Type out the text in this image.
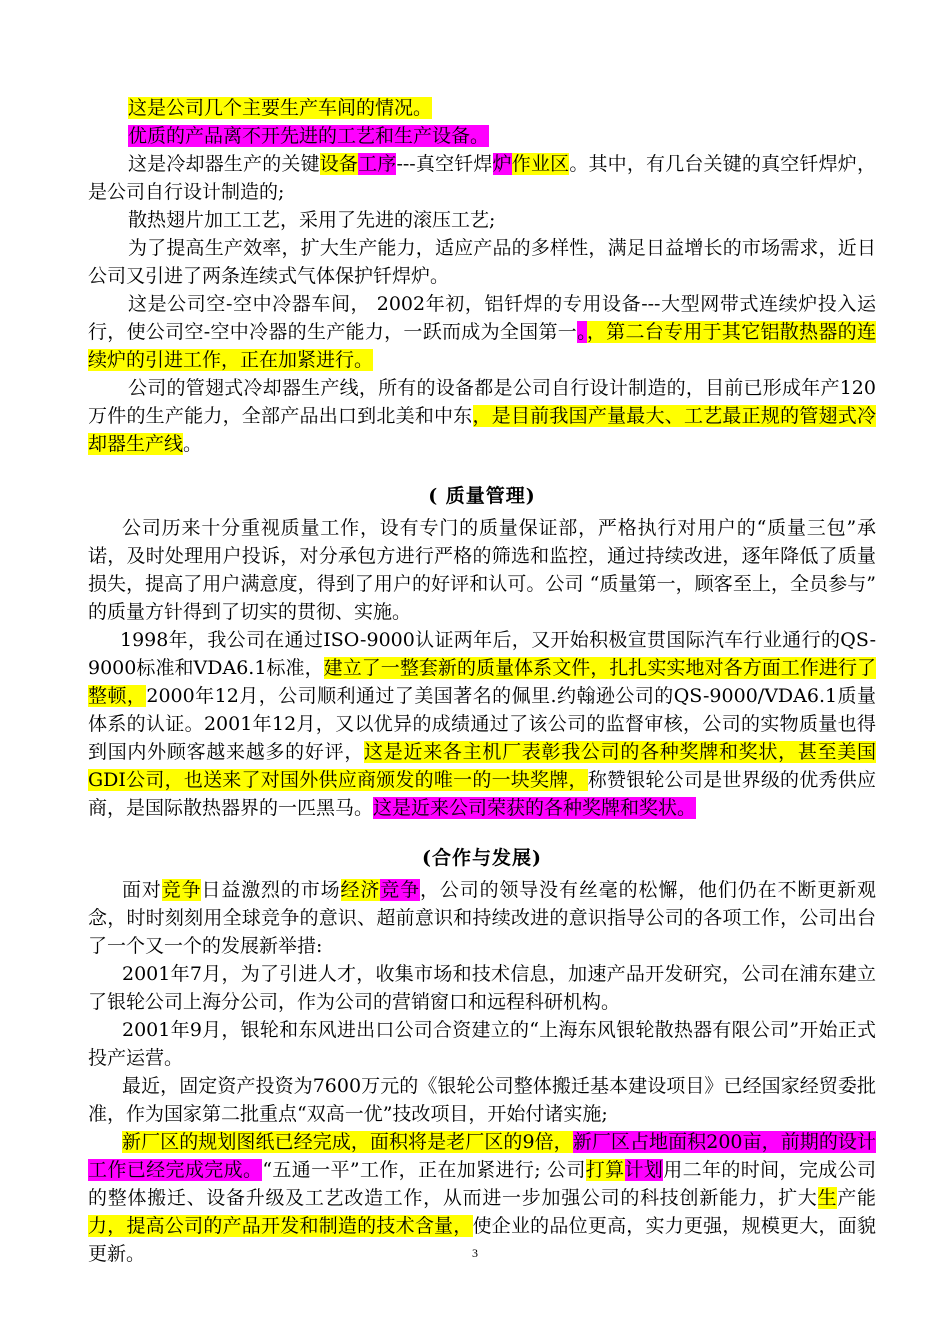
这是公司几个主要生产车间的情况。

优质的产品离不开先进的工艺和生产设备。

这是冷却器生产的关键设备工序---真空钎焊炉作业区。其中，有几台关键的真空钎焊炉，是公司自行设计制造的;

散热翅片加工工艺，采用了先进的滚压工艺;

为了提高生产效率，扩大生产能力，适应产品的多样性，满足日益增长的市场需求，近日公司又引进了两条连续式气体保护钎焊炉。

这是公司空-空中冷器车间， 2002年初，铝钎焊的专用设备---大型网带式连续炉投入运行，使公司空-空中冷器的生产能力，一跃而成为全国第一。，第二台专用于其它铝散热器的连续炉的引进工作，正在加紧进行。

公司的管翅式冷却器生产线，所有的设备都是公司自行设计制造的，目前已形成年产120万件的生产能力，全部产品出口到北美和中东，是目前我国产量最大、工艺最正规的管翅式冷却器生产线。

( 质量管理)

公司历来十分重视质量工作，设有专门的质量保证部，严格执行对用户的“质量三包”承诺，及时处理用户投诉，对分承包方进行严格的筛选和监控，通过持续改进，逐年降低了质量损失，提高了用户满意度，得到了用户的好评和认可。公司 “质量第一，顾客至上，全员参与” 的质量方针得到了切实的贯彻、实施。

1998年，我公司在通过ISO-9000认证两年后，又开始积极宣贯国际汽车行业通行的QS-9000标准和VDA6.1标准，建立了一整套新的质量体系文件，扎扎实实地对各方面工作进行了整顿，2000年12月，公司顺利通过了美国著名的佩里.约翰逊公司的QS-9000/VDA6.1质量体系的认证。2001年12月，又以优异的成绩通过了该公司的监督审核，公司的实物质量也得到国内外顾客越来越多的好评，这是近来各主机厂表彰我公司的各种奖牌和奖状，甚至美国GDI公司，也送来了对国外供应商颁发的唯一的一块奖牌，称赞银轮公司是世界级的优秀供应商，是国际散热器界的一匹黑马。这是近来公司荣获的各种奖牌和奖状。

(合作与发展)

面对竞争日益激烈的市场经济竞争，公司的领导没有丝毫的松懈，他们仍在不断更新观念，时时刻刻用全球竞争的意识、超前意识和持续改进的意识指导公司的各项工作，公司出台了一个又一个的发展新举措:

2001年7月，为了引进人才，收集市场和技术信息，加速产品开发研究，公司在浦东建立了银轮公司上海分公司，作为公司的营销窗口和远程科研机构。

2001年9月，银轮和东风进出口公司合资建立的“上海东风银轮散热器有限公司”开始正式投产运营。

最近，固定资产投资为7600万元的《银轮公司整体搬迁基本建设项目》已经国家经贸委批准，作为国家第二批重点“双高一优”技改项目，开始付诸实施;

新厂区的规划图纸已经完成，面积将是老厂区的9倍，新厂区占地面积200亩，前期的设计工作已经完成完成。“五通一平”工作，正在加紧进行; 公司打算计划用二年的时间，完成公司的整体搬迁、设备升级及工艺改造工作，从而进一步加强公司的科技创新能力，扩大生产能力，提高公司的产品开发和制造的技术含量，使企业的品位更高，实力更强，规模更大，面貌更新。	3
